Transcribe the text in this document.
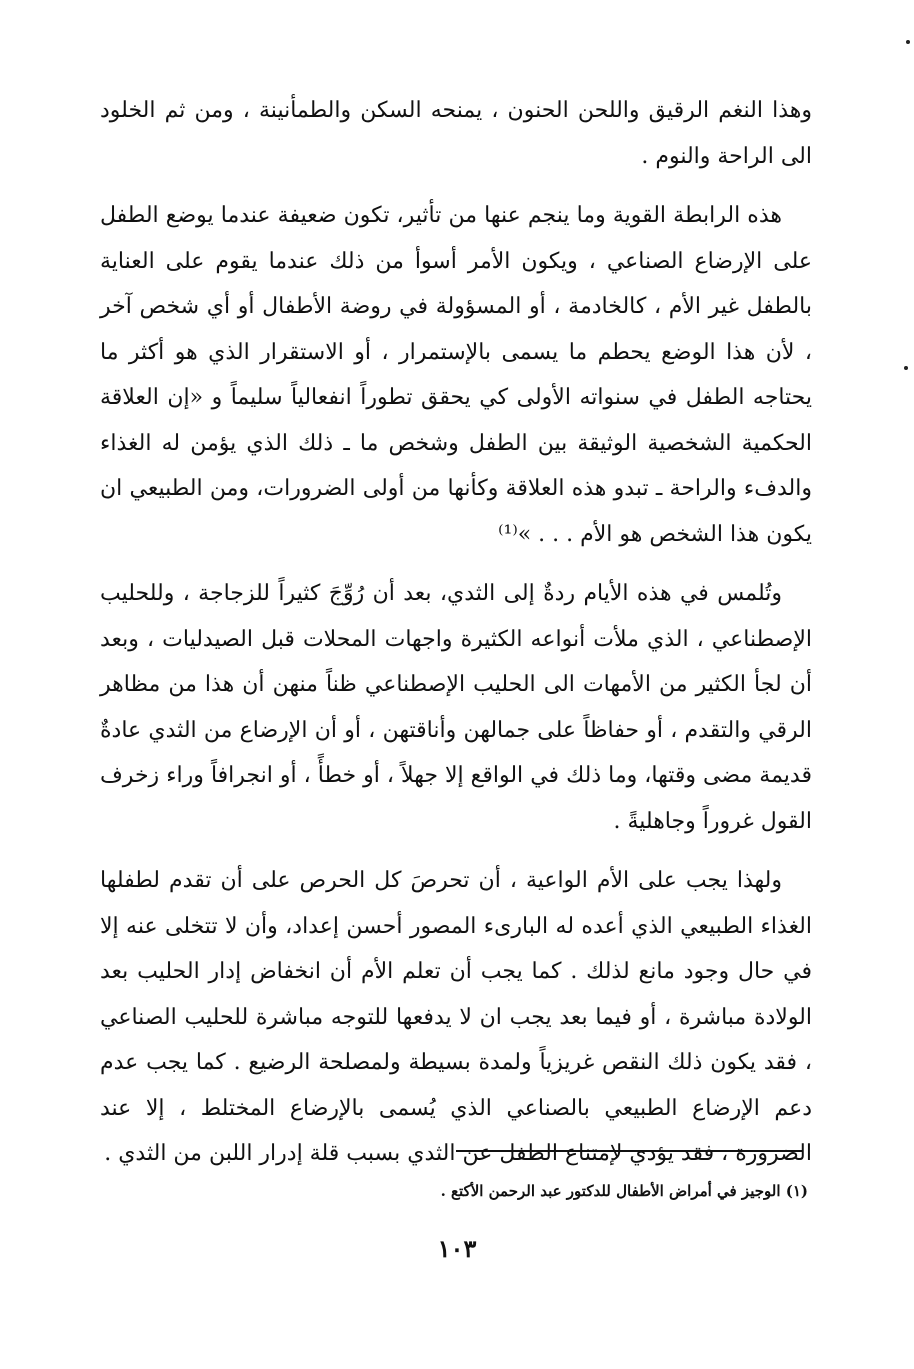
وهذا النغم الرقيق واللحن الحنون ، يمنحه السكن والطمأنينة ، ومن ثم الخلود الى الراحة والنوم .

هذه الرابطة القوية وما ينجم عنها من تأثير، تكون ضعيفة عندما يوضع الطفل على الإرضاع الصناعي ، ويكون الأمر أسوأ من ذلك عندما يقوم على العناية بالطفل غير الأم ، كالخادمة ، أو المسؤولة في روضة الأطفال أو أي شخص آخر ، لأن هذا الوضع يحطم ما يسمى بالإستمرار ، أو الاستقرار الذي هو أكثر ما يحتاجه الطفل في سنواته الأولى كي يحقق تطوراً انفعالياً سليماً و «إن العلاقة الحكمية الشخصية الوثيقة بين الطفل وشخص ما ـ ذلك الذي يؤمن له الغذاء والدفء والراحة ـ تبدو هذه العلاقة وكأنها من أولى الضرورات، ومن الطبيعي ان يكون هذا الشخص هو الأم . . . »⁽¹⁾

وتُلمس في هذه الأيام ردةٌ إلى الثدي، بعد أن رُوِّجَ كثيراً للزجاجة ، وللحليب الإصطناعي ، الذي ملأت أنواعه الكثيرة واجهات المحلات قبل الصيدليات ، وبعد أن لجأ الكثير من الأمهات الى الحليب الإصطناعي ظناً منهن أن هذا من مظاهر الرقي والتقدم ، أو حفاظاً على جمالهن وأناقتهن ، أو أن الإرضاع من الثدي عادةٌ قديمة مضى وقتها، وما ذلك في الواقع إلا جهلاً ، أو خطأً ، أو انجرافاً وراء زخرف القول غروراً وجاهليةً .

ولهذا يجب على الأم الواعية ، أن تحرصَ كل الحرص على أن تقدم لطفلها الغذاء الطبيعي الذي أعده له البارىء المصور أحسن إعداد، وأن لا تتخلى عنه إلا في حال وجود مانع لذلك . كما يجب أن تعلم الأم أن انخفاض إدار الحليب بعد الولادة مباشرة ، أو فيما بعد يجب ان لا يدفعها للتوجه مباشرة للحليب الصناعي ، فقد يكون ذلك النقص غريزياً ولمدة بسيطة ولمصلحة الرضيع . كما يجب عدم دعم الإرضاع الطبيعي بالصناعي الذي يُسمى بالإرضاع المختلط ، إلا عند الضرورة ، فقد يؤدي لإمتناع الطفل عن الثدي بسبب قلة إدرار اللبن من الثدي .

(١) الوجيز في أمراض الأطفال للدكتور عبد الرحمن الأكتع .
١٠٣
